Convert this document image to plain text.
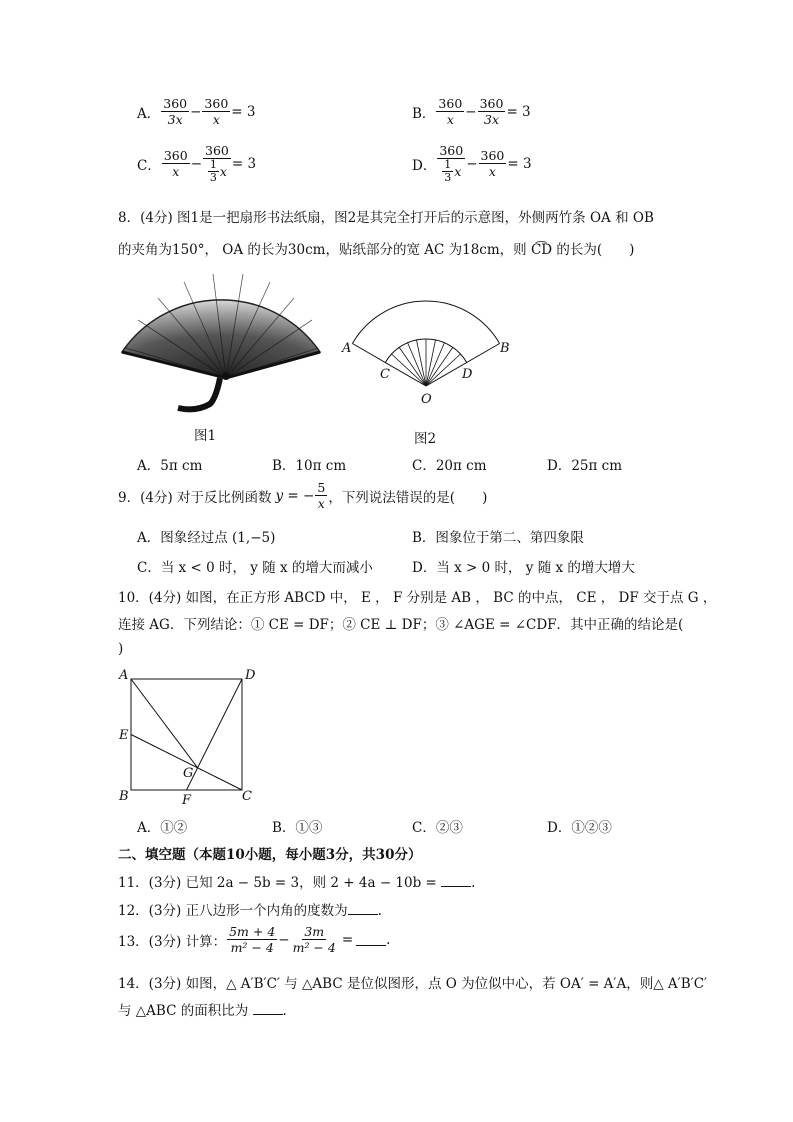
A． $\frac{360}{3x} - \frac{360}{x} = 3$	B． $\frac{360}{x} - \frac{360}{3x} = 3$
C． $\frac{360}{x} - \frac{360}{\frac{1}{3} x} = 3$	D． $\frac{360}{\frac{1}{3} x} - \frac{360}{x} = 3$
8．(4分) 图1是一把扇形书法纸扇，图2是其完全打开后的示意图，外侧两竹条 OA 和 OB
的夹角为150°， OA 的长为30cm，贴纸部分的宽 AC 为18cm，则 C͡D 的长为(　　)
图1
A	B
C	D
O
图2
A．5π cm	B．10π cm	C．20π cm	D．25π cm
9．(4分) 对于反比例函数 y = − $\frac{5}{x}$ ，下列说法错误的是(　　)
A．图象经过点 (1,−5)	B．图象位于第二、第四象限
C．当 x < 0 时， y 随 x 的增大而减小	D．当 x > 0 时， y 随 x 的增大增大
10．(4分) 如图，在正方形 ABCD 中， E ， F 分别是 AB ， BC 的中点， CE ， DF 交于点 G ，
连接 AG．下列结论：① CE = DF；② CE ⊥ DF；③ ∠AGE = ∠CDF．其中正确的结论是(
)
A	D
E
G
B	F	C
A．①②	B．①③	C．②③	D．①②③
二、填空题（本题10小题，每小题3分，共30分）
11．(3分) 已知 2a − 5b = 3，则 2 + 4a − 10b =	.
12．(3分) 正八边形一个内角的度数为 .
13．(3分) 计算： $\frac{5m + 4}{\text{m² − 4}} - \frac{3m}{\text{m² − 4}}$ = .
14．(3分) 如图，△ A′B′C′ 与 △ABC 是位似图形，点 O 为位似中心，若 OA′ = A′A，则△ A′B′C′
与 △ABC 的面积比为	.
